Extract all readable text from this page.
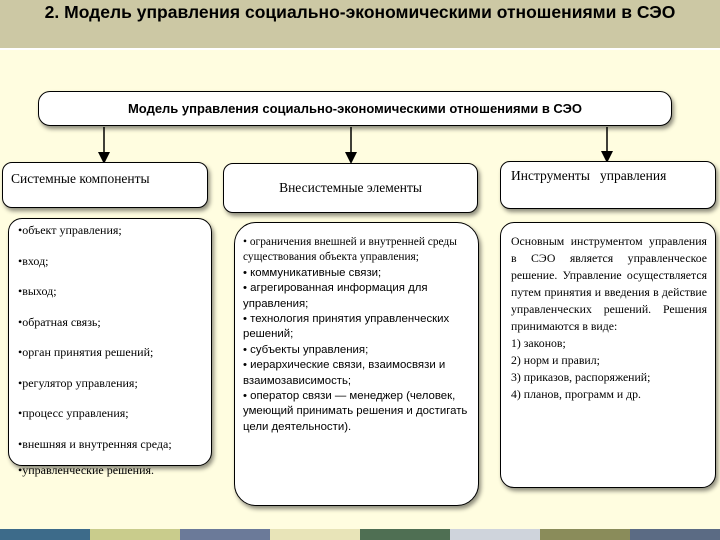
2. Модель управления социально-экономическими отношениями в СЭО
Модель управления социально-экономическими отношениями в СЭО
Системные компоненты
Внесистемные элементы
Инструменты   управления
•объект управления;
•вход;
•выход;
•обратная связь;
•орган принятия решений;
•регулятор управления;
•процесс управления;
•внешняя и внутренняя среда;
•управленческие решения.
• ограничения внешней и внутренней среды существования объекта управления;
• коммуникативные связи;
• агрегированная информация для управления;
• технология принятия управленческих решений;
• субъекты управления;
• иерархические связи, взаимосвязи и взаимозависимость;
• оператор связи — менеджер (человек, умеющий принимать решения и достигать цели деятельности).
Основным инструментом управления в СЭО является управленческое решение. Управление осуществляется путем принятия и введения в действие управленческих решений. Решения принимаются в виде:
1) законов;
2) норм и правил;
3) приказов, распоряжений;
4) планов, программ и др.
